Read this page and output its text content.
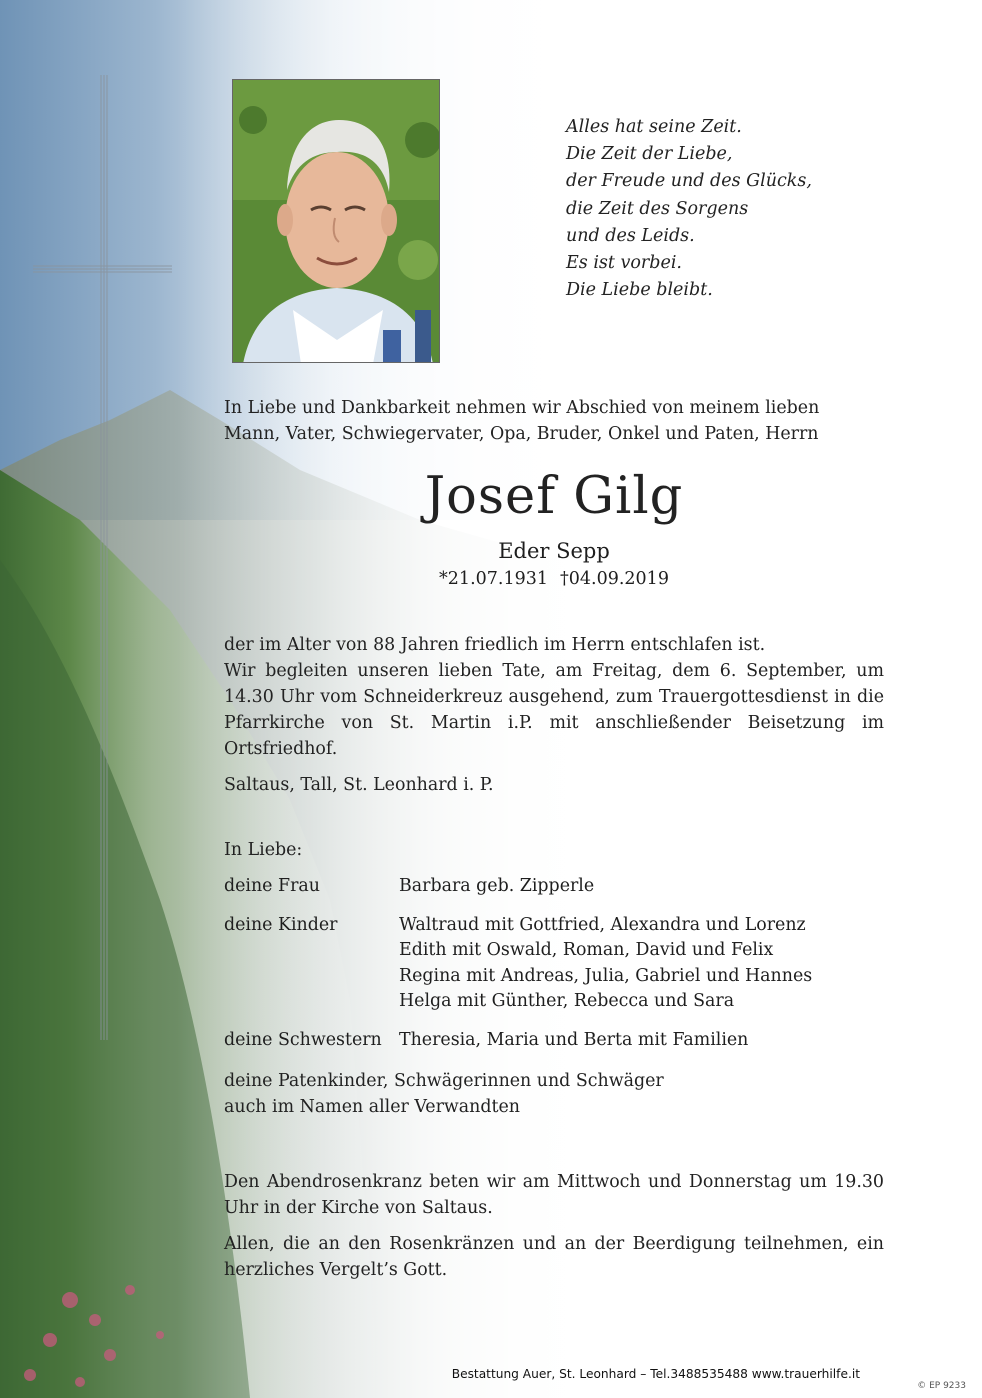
Alles hat seine Zeit.
Die Zeit der Liebe,
der Freude und des Glücks,
die Zeit des Sorgens
und des Leids.
Es ist vorbei.
Die Liebe bleibt.

In Liebe und Dankbarkeit nehmen wir Abschied von meinem lieben

Mann, Vater, Schwiegervater, Opa, Bruder, Onkel und Paten, Herrn

Josef Gilg
Eder Sepp
*21.07.1931 †04.09.2019

der im Alter von 88 Jahren friedlich im Herrn entschlafen ist.

Wir begleiten unseren lieben Tate, am Freitag, dem 6. September, um 14.30 Uhr vom Schneiderkreuz ausgehend, zum Trauergottesdienst in die Pfarrkirche von St. Martin i.P. mit anschließender Beisetzung im Ortsfriedhof.

Saltaus, Tall, St. Leonhard i. P.

In Liebe:
deine Frau	Barbara geb. Zipperle
deine Kinder	Waltraud mit Gottfried, Alexandra und Lorenz
Edith mit Oswald, Roman, David und Felix
Regina mit Andreas, Julia, Gabriel und Hannes
Helga mit Günther, Rebecca und Sara
deine Schwestern Theresia, Maria und Berta mit Familien

deine Patenkinder, Schwägerinnen und Schwäger

auch im Namen aller Verwandten

Den Abendrosenkranz beten wir am Mittwoch und Donnerstag um 19.30 Uhr in der Kirche von Saltaus.

Allen, die an den Rosenkränzen und an der Beerdigung teilnehmen, ein herzliches Vergelt’s Gott.

Bestattung Auer, St. Leonhard – Tel.3488535488 www.trauerhilfe.it
© EP 9233
